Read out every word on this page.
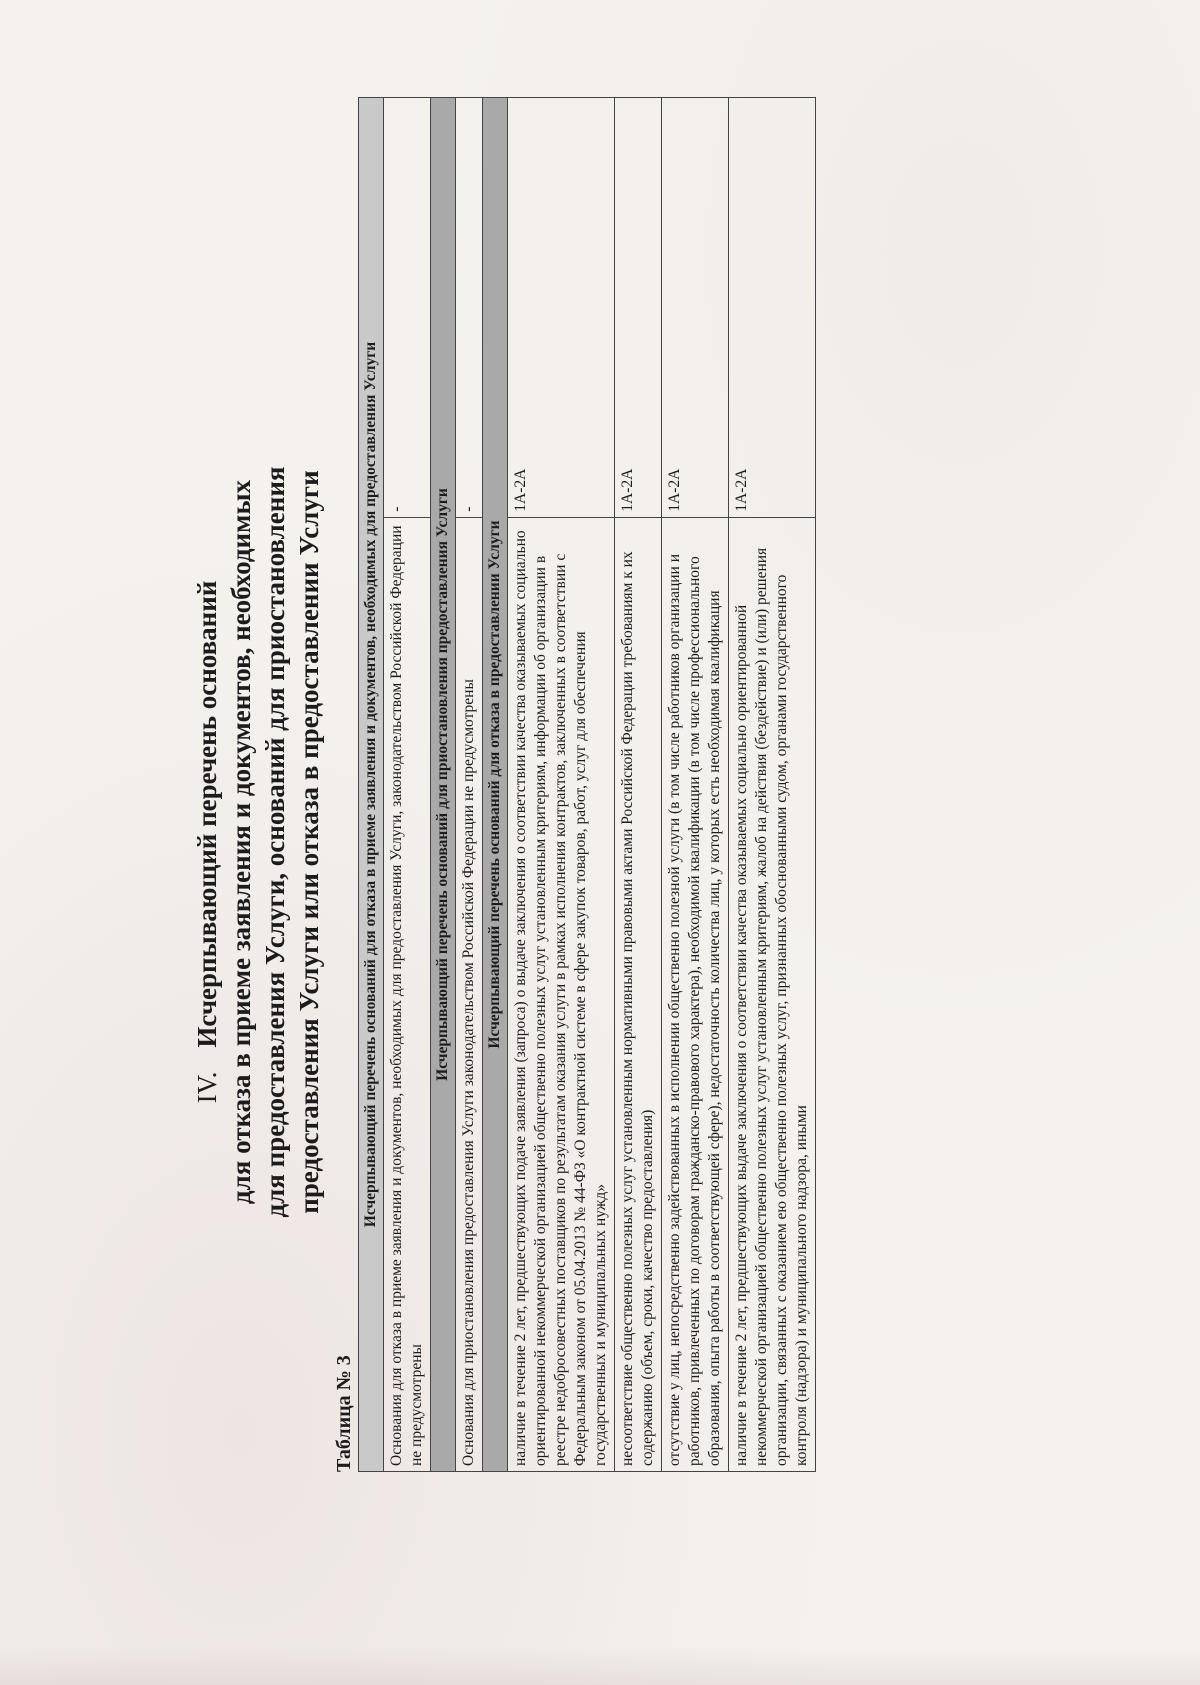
IV.Исчерпывающий перечень оснований для отказа в приеме заявления и документов, необходимых для предоставления Услуги, оснований для приостановления предоставления Услуги или отказа в предоставлении Услуги
Таблица № 3
Исчерпывающий перечень оснований для отказа в приеме заявления и документов, необходимых для предоставления Услуги	
Основания для отказа в приеме заявления и документов, необходимых для предоставления Услуги, законодательством Российской Федерации не предусмотрены	-
Исчерпывающий перечень оснований для приостановления предоставления Услуги	
Основания для приостановления предоставления Услуги законодательством Российской Федерации не предусмотрены	-
Исчерпывающий перечень оснований для отказа в предоставлении Услуги	
наличие в течение 2 лет, предшествующих подаче заявления (запроса) о выдаче заключения о соответствии качества оказываемых социально ориентированной некоммерческой организацией общественно полезных услуг установленным критериям, информации об организации в реестре недобросовестных поставщиков по результатам оказания услуги в рамках исполнения контрактов, заключенных в соответствии с Федеральным законом от 05.04.2013 № 44-ФЗ «О контрактной системе в сфере закупок товаров, работ, услуг для обеспечения государственных и муниципальных нужд»	1А-2А
несоответствие общественно полезных услуг установленным нормативными правовыми актами Российской Федерации требованиям к их содержанию (объем, сроки, качество предоставления)	1А-2А
отсутствие у лиц, непосредственно задействованных в исполнении общественно полезной услуги (в том числе работников организации и работников, привлеченных по договорам гражданско-правового характера), необходимой квалификации (в том числе профессионального образования, опыта работы в соответствующей сфере), недостаточность количества лиц, у которых есть необходимая квалификация	1А-2А
наличие в течение 2 лет, предшествующих выдаче заключения о соответствии качества оказываемых социально ориентированной некоммерческой организацией общественно полезных услуг установленным критериям, жалоб на действия (бездействие) и (или) решения организации, связанных с оказанием ею общественно полезных услуг, признанных обоснованными судом, органами государственного контроля (надзора) и муниципального надзора, иными	1А-2А
